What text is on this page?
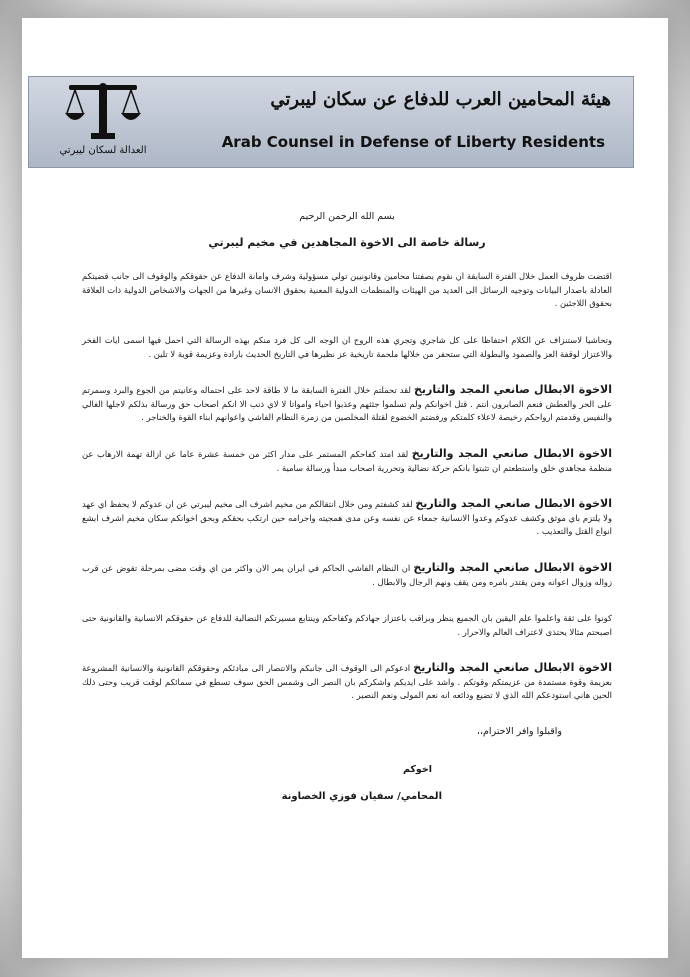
العدالة لسكان ليبرتي
هيئة المحامين العرب للدفاع عن سكان ليبرتي
Arab Counsel in Defense of Liberty Residents
بسم الله الرحمن الرحيم
رسالة خاصة الى الاخوة المجاهدين في مخيم ليبرتي
اقتضت ظروف العمل خلال الفترة السابقة ان نقوم بصفتنا محامين وقانونيين تولي مسؤولية وشرف وامانة الدفاع عن حقوقكم والوقوف الى جانب قضيتكم العادلة باصدار البيانات وتوجيه الرسائل الى العديد من الهيئات والمنظمات الدولية المعنية بحقوق الانسان وغيرها من الجهات والاشخاص الدولية ذات العلاقة بحقوق اللاجئين .
وتحاشيا لاستنزاف عن الكلام احتفاظا على كل شاجري وتجري هذه الروح ان الوجه الى كل فرد منكم بهذه الرسالة التي احمل فيها اسمى ايات الفخر والاعتزاز لوقفة العز والصمود والبطولة التي ستحفر من خلالها ملحمة تاريخية عز نظيرها في التاريخ الحديث بارادة وعزيمة قوية لا تلين .
الاخوة الابطال صانعي المجد والتاريخ لقد تحملتم خلال الفترة السابقة ما لا طاقة لاحد على احتماله وعانيتم من الجوع والبرد وسمرتم على الحر والعطش فنعم الصابرون انتم . قتل اخوانكم ولم تسلموا جثثهم وعذبوا احياء وامواتا لا لاي ذنب الا انكم اصحاب حق ورسالة بذلكم لاجلها الغالي والنفيس وقدمتم ارواحكم رخيصة لاعلاء كلمتكم ورفضتم الخضوع لقتلة المخلصين من زمرة النظام الفاشي واعوانهم ابناء القوة والخناجر .
الاخوة الابطال صانعي المجد والتاريخ لقد امتد كفاحكم المستمر على مدار اكثر من خمسة عشرة عاما عن ازالة تهمة الارهاب عن منظمة مجاهدي خلق واستطعتم ان تثبتوا بانكم حركة نضالية وتحررية اصحاب مبدأ ورسالة سامية .
الاخوة الابطال صانعي المجد والتاريخ لقد كشفتم ومن خلال انتقالكم من مخيم اشرف الى مخيم ليبرتي عن ان عدوكم لا يحفظ اي عهد ولا يلتزم باي موثق وكشف عدوكم وعدوا الانسانية جمعاء عن نفسه وعن مدى همجيته واجرامه حين ارتكب بحقكم وبحق اخوانكم سكان مخيم اشرف ابشع انواع القتل والتعذيب .
الاخوة الابطال صانعي المجد والتاريخ ان النظام الفاشي الحاكم في ايران يمر الان واكثر من اي وقت مضى بمرحلة تقوض عن قرب زواله وزوال اعوانه ومن يقتدر بامره ومن يقف ونهم الرجال والابطال .
كونوا على ثقة واعلموا علم اليقين بان الجميع ينظر وبراقب باعتزاز جهادكم وكفاحكم وينتابع مسيرتكم النضالية للدفاع عن حقوقكم الانسانية والقانونية حتى اصبحتم مثالا يحتذى لاعتراف العالم والاحرار .
الاخوة الابطال صانعي المجد والتاريخ ادعوكم الى الوقوف الى جانبكم والانتصار الى مبادئكم وحقوقكم القانونية والانسانية المشروعة بعزيمة وقوة مستمدة من عزيمتكم وقوتكم . واشد على ايديكم واشكركم بان النصر الى وشمس الحق سوف تسطع في سمائكم لوقت قريب وحتى ذلك الحين هاني استودعكم الله الذي لا تضيع ودائعه انه نعم المولى ونعم النصير .
واقبلوا وافر الاحترام،،
اخوكم
المحامي/ سفيان فوزي الخصاونة
